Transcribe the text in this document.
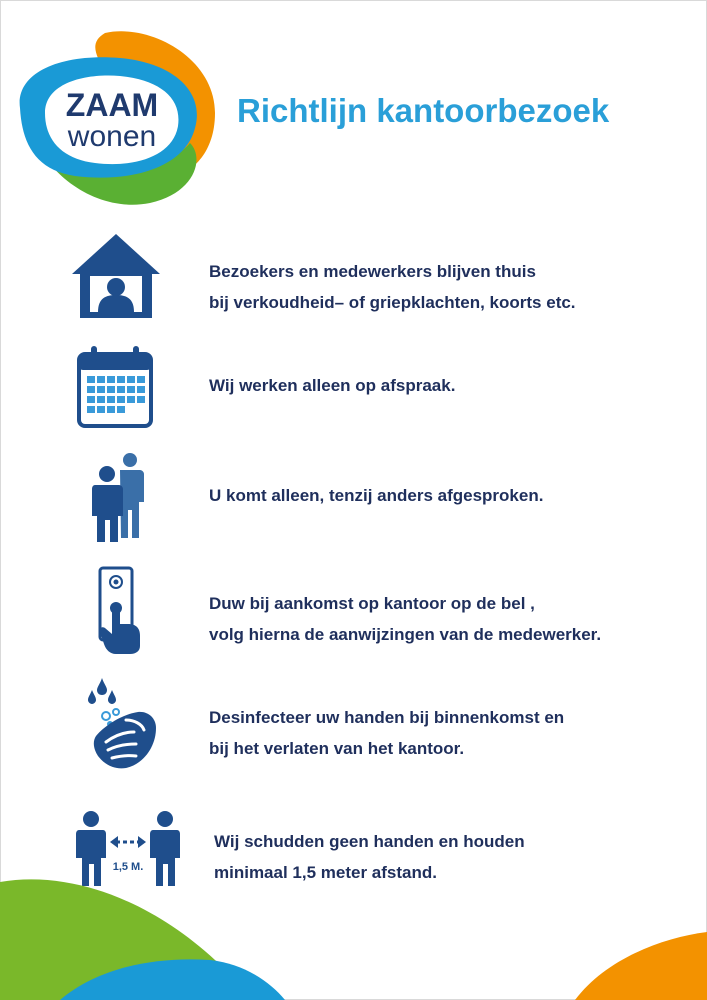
ZAAM
wonen
Richtlijn kantoorbezoek
Bezoekers en medewerkers blijven thuis
bij verkoudheid– of griepklachten, koorts etc.
Wij werken alleen op afspraak.
U komt alleen, tenzij anders afgesproken.
Duw bij aankomst op kantoor op de bel ,
volg hierna de aanwijzingen van de medewerker.
Desinfecteer uw handen bij binnenkomst en
bij het verlaten van het kantoor.
1,5 M.
Wij schudden geen handen en houden
minimaal 1,5 meter afstand.
